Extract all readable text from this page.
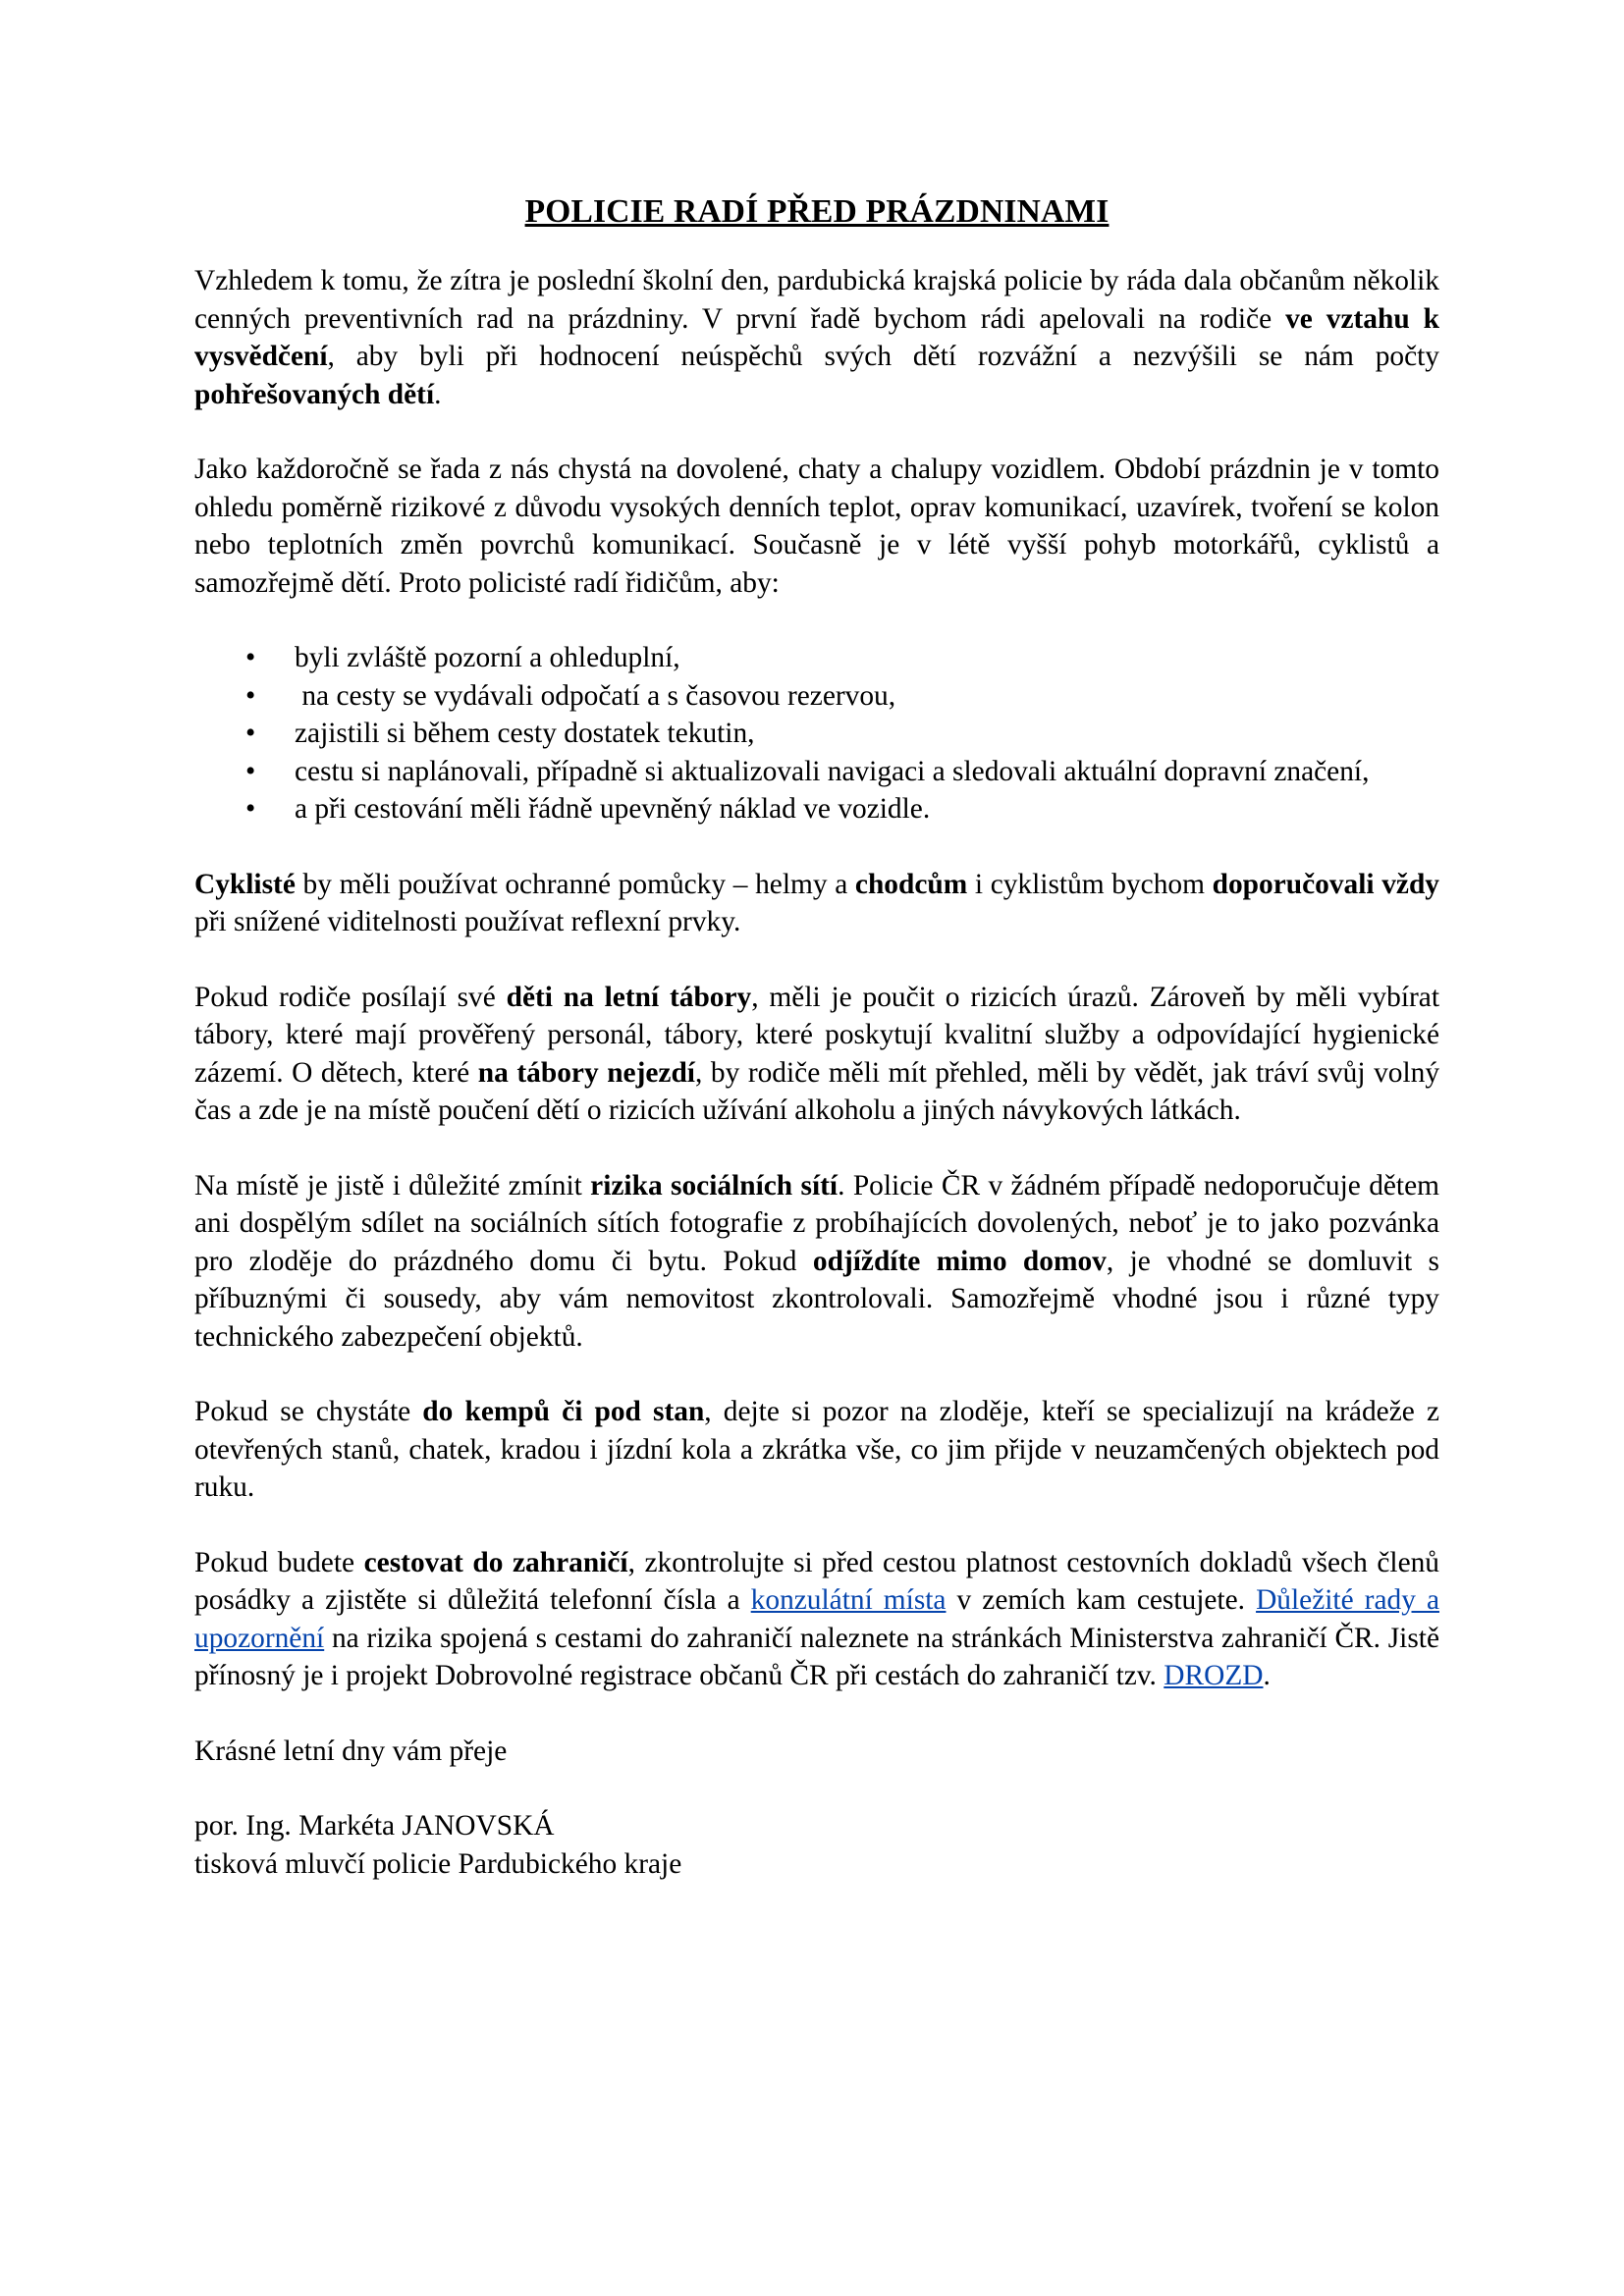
POLICIE RADÍ PŘED PRÁZDNINAMI

Vzhledem k tomu, že zítra je poslední školní den, pardubická krajská policie by ráda dala občanům několik cenných preventivních rad na prázdniny. V první řadě bychom rádi apelovali na rodiče ve vztahu k vysvědčení, aby byli při hodnocení neúspěchů svých dětí rozvážní a nezvýšili se nám počty pohřešovaných dětí.

Jako každoročně se řada z nás chystá na dovolené, chaty a chalupy vozidlem. Období prázdnin je v tomto ohledu poměrně rizikové z důvodu vysokých denních teplot, oprav komunikací, uzavírek, tvoření se kolon nebo teplotních změn povrchů komunikací. Současně je v létě vyšší pohyb motorkářů, cyklistů a samozřejmě dětí. Proto policisté radí řidičům, aby:

• byli zvláště pozorní a ohleduplní,
• na cesty se vydávali odpočatí a s časovou rezervou,
• zajistili si během cesty dostatek tekutin,
• cestu si naplánovali, případně si aktualizovali navigaci a sledovali aktuální dopravní značení,
• a při cestování měli řádně upevněný náklad ve vozidle.

Cyklisté by měli používat ochranné pomůcky – helmy a chodcům i cyklistům bychom doporučovali vždy při snížené viditelnosti používat reflexní prvky.

Pokud rodiče posílají své děti na letní tábory, měli je poučit o rizicích úrazů. Zároveň by měli vybírat tábory, které mají prověřený personál, tábory, které poskytují kvalitní služby a odpovídající hygienické zázemí. O dětech, které na tábory nejezdí, by rodiče měli mít přehled, měli by vědět, jak tráví svůj volný čas a zde je na místě poučení dětí o rizicích užívání alkoholu a jiných návykových látkách.

Na místě je jistě i důležité zmínit rizika sociálních sítí. Policie ČR v žádném případě nedoporučuje dětem ani dospělým sdílet na sociálních sítích fotografie z probíhajících dovolených, neboť je to jako pozvánka pro zloděje do prázdného domu či bytu. Pokud odjíždíte mimo domov, je vhodné se domluvit s příbuznými či sousedy, aby vám nemovitost zkontrolovali. Samozřejmě vhodné jsou i různé typy technického zabezpečení objektů.

Pokud se chystáte do kempů či pod stan, dejte si pozor na zloděje, kteří se specializují na krádeže z otevřených stanů, chatek, kradou i jízdní kola a zkrátka vše, co jim přijde v neuzamčených objektech pod ruku.

Pokud budete cestovat do zahraničí, zkontrolujte si před cestou platnost cestovních dokladů všech členů posádky a zjistěte si důležitá telefonní čísla a konzulátní místa v zemích kam cestujete. Důležité rady a upozornění na rizika spojená s cestami do zahraničí naleznete na stránkách Ministerstva zahraničí ČR. Jistě přínosný je i projekt Dobrovolné registrace občanů ČR při cestách do zahraničí tzv. DROZD.

Krásné letní dny vám přeje

por. Ing. Markéta JANOVSKÁ

tisková mluvčí policie Pardubického kraje
